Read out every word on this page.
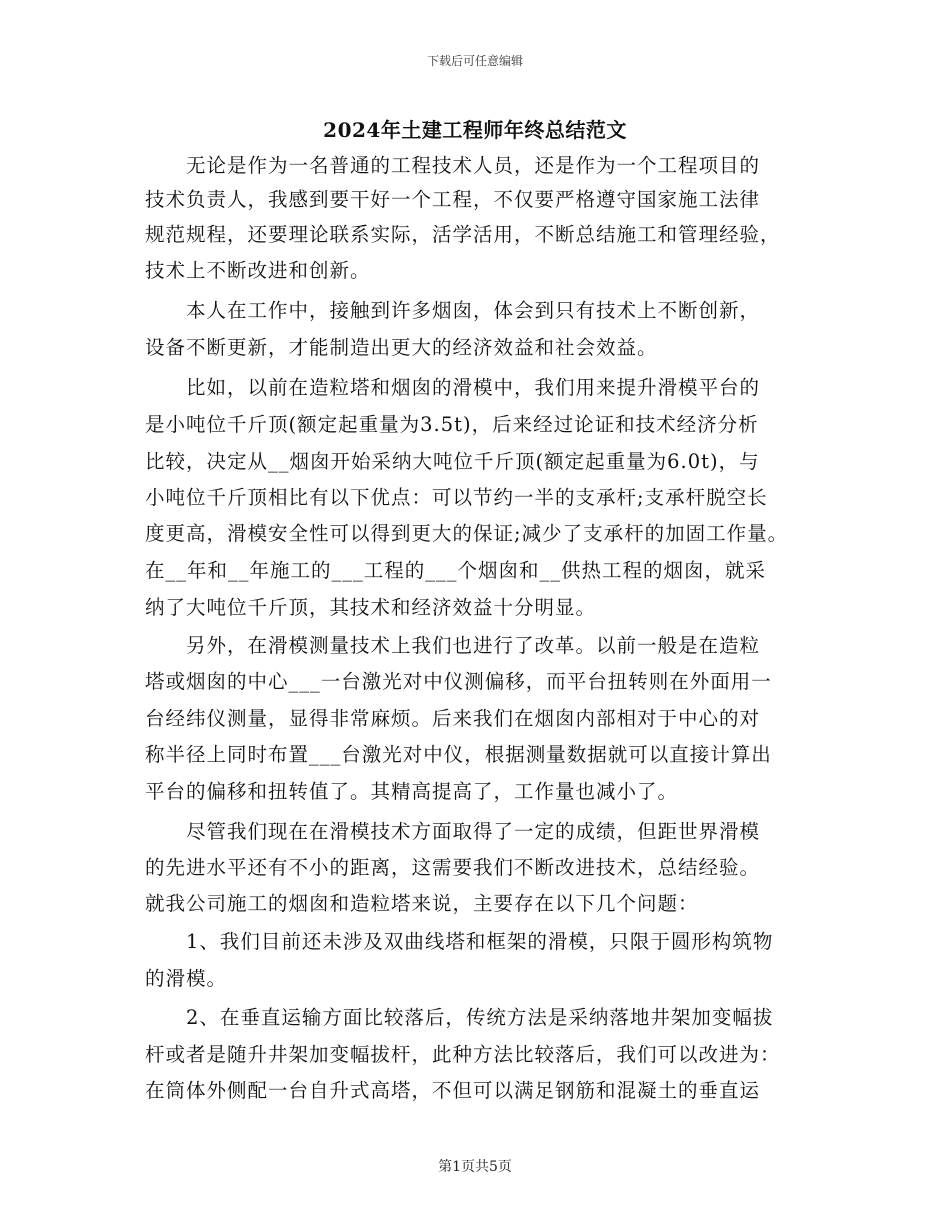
下载后可任意编辑
2024年土建工程师年终总结范文
无论是作为一名普通的工程技术人员，还是作为一个工程项目的
技术负责人，我感到要干好一个工程，不仅要严格遵守国家施工法律
规范规程，还要理论联系实际，活学活用，不断总结施工和管理经验，
技术上不断改进和创新。
本人在工作中，接触到许多烟囱，体会到只有技术上不断创新，
设备不断更新，才能制造出更大的经济效益和社会效益。
比如，以前在造粒塔和烟囱的滑模中，我们用来提升滑模平台的
是小吨位千斤顶(额定起重量为3.5t)，后来经过论证和技术经济分析
比较，决定从__烟囱开始采纳大吨位千斤顶(额定起重量为6.0t)，与
小吨位千斤顶相比有以下优点：可以节约一半的支承杆;支承杆脱空长
度更高，滑模安全性可以得到更大的保证;减少了支承杆的加固工作量。
在__年和__年施工的___工程的___个烟囱和__供热工程的烟囱，就采
纳了大吨位千斤顶，其技术和经济效益十分明显。
另外，在滑模测量技术上我们也进行了改革。以前一般是在造粒
塔或烟囱的中心___一台激光对中仪测偏移，而平台扭转则在外面用一
台经纬仪测量，显得非常麻烦。后来我们在烟囱内部相对于中心的对
称半径上同时布置___台激光对中仪，根据测量数据就可以直接计算出
平台的偏移和扭转值了。其精高提高了，工作量也减小了。
尽管我们现在在滑模技术方面取得了一定的成绩，但距世界滑模
的先进水平还有不小的距离，这需要我们不断改进技术，总结经验。
就我公司施工的烟囱和造粒塔来说，主要存在以下几个问题：
1、我们目前还未涉及双曲线塔和框架的滑模，只限于圆形构筑物
的滑模。
2、在垂直运输方面比较落后，传统方法是采纳落地井架加变幅拔
杆或者是随升井架加变幅拔杆，此种方法比较落后，我们可以改进为：
在筒体外侧配一台自升式高塔，不但可以满足钢筋和混凝土的垂直运
第1页共5页
